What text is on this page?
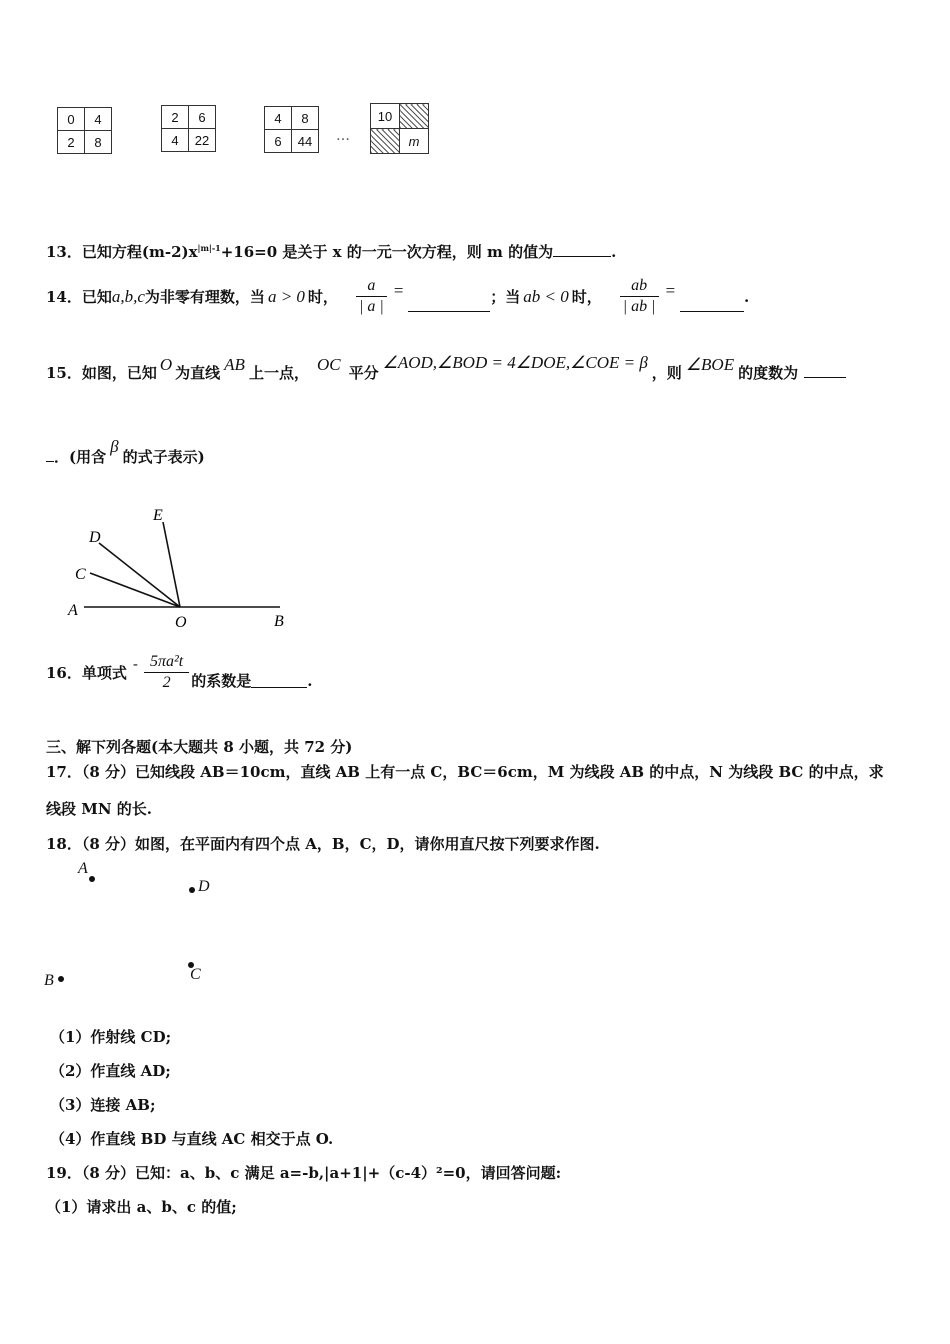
0	4
2	8
2	6
4	22
4	8
6	44 …
10	
	m
13．已知方程$(m-2)x^{|m|-1}+16=0$ 是关于 x 的一元一次方程，则 m 的值为	.
14．已知 a,b,c 为非零有理数，当 a > 0 时， $\frac{a}{| a |}$ =	；当 ab < 0 时， $\frac{ab}{| ab |}$ =	.
15．如图，已知 O 为直线 AB 上一点， OC 平分∠AOD,∠BOD = 4∠DOE,∠COE = β，则 ∠BOE 的度数为
．(用含β的式子表示)
E
D
C
A
O	B
16．单项式
- $\frac{\text{5πa²t}}{2}$ 的系数是	.
三、解下列各题(本大题共 8 小题，共 72 分)
17．（8 分）已知线段 AB＝10cm，直线 AB 上有一点 C，BC＝6cm，M 为线段 AB 的中点，N 为线段 BC 的中点，求
线段 MN 的长.
18．（8 分）如图，在平面内有四个点 A，B，C，D，请你用直尺按下列要求作图.
A
D
B	C
（1）作射线 CD;
（2）作直线 AD;
（3）连接 AB;
（4）作直线 BD 与直线 AC 相交于点 O.
19．（8 分）已知：a、b、c 满足 a=-b,|a+1|+（c-4）²=0，请回答问题:
（1）请求出 a、b、c 的值;
